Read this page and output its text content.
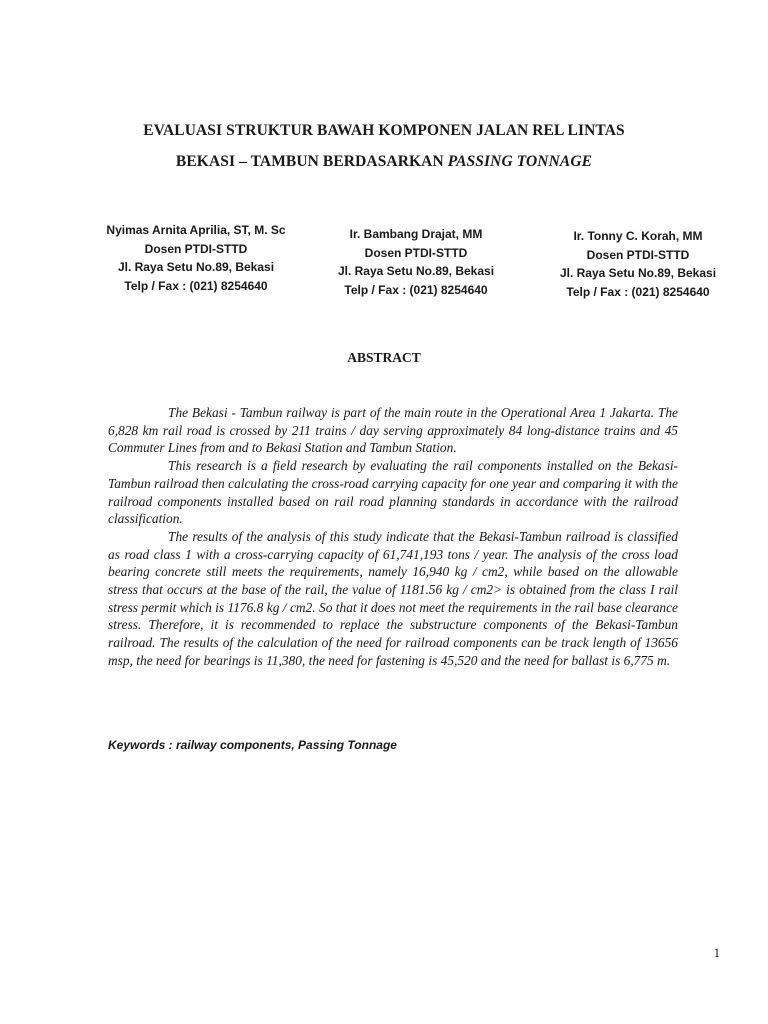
EVALUASI STRUKTUR BAWAH KOMPONEN JALAN REL LINTAS
BEKASI – TAMBUN BERDASARKAN PASSING TONNAGE
Nyimas Arnita Aprilia, ST, M. Sc
Dosen PTDI-STTD
Jl. Raya Setu No.89, Bekasi
Telp / Fax : (021) 8254640
Ir. Bambang Drajat, MM
Dosen PTDI-STTD
Jl. Raya Setu No.89, Bekasi
Telp / Fax : (021) 8254640
Ir. Tonny C. Korah, MM
Dosen PTDI-STTD
Jl. Raya Setu No.89, Bekasi
Telp / Fax : (021) 8254640
ABSTRACT

The Bekasi - Tambun railway is part of the main route in the Operational Area 1 Jakarta. The 6,828 km rail road is crossed by 211 trains / day serving approximately 84 long-distance trains and 45 Commuter Lines from and to Bekasi Station and Tambun Station.

This research is a field research by evaluating the rail components installed on the Bekasi-Tambun railroad then calculating the cross-road carrying capacity for one year and comparing it with the railroad components installed based on rail road planning standards in accordance with the railroad classification.

The results of the analysis of this study indicate that the Bekasi-Tambun railroad is classified as road class 1 with a cross-carrying capacity of 61,741,193 tons / year. The analysis of the cross load bearing concrete still meets the requirements, namely 16,940 kg / cm2, while based on the allowable stress that occurs at the base of the rail, the value of 1181.56 kg / cm2> is obtained from the class I rail stress permit which is 1176.8 kg / cm2. So that it does not meet the requirements in the rail base clearance stress. Therefore, it is recommended to replace the substructure components of the Bekasi-Tambun railroad. The results of the calculation of the need for railroad components can be track length of 13656 msp, the need for bearings is 11,380, the need for fastening is 45,520 and the need for ballast is 6,775 m.

Keywords : railway components, Passing Tonnage
1
